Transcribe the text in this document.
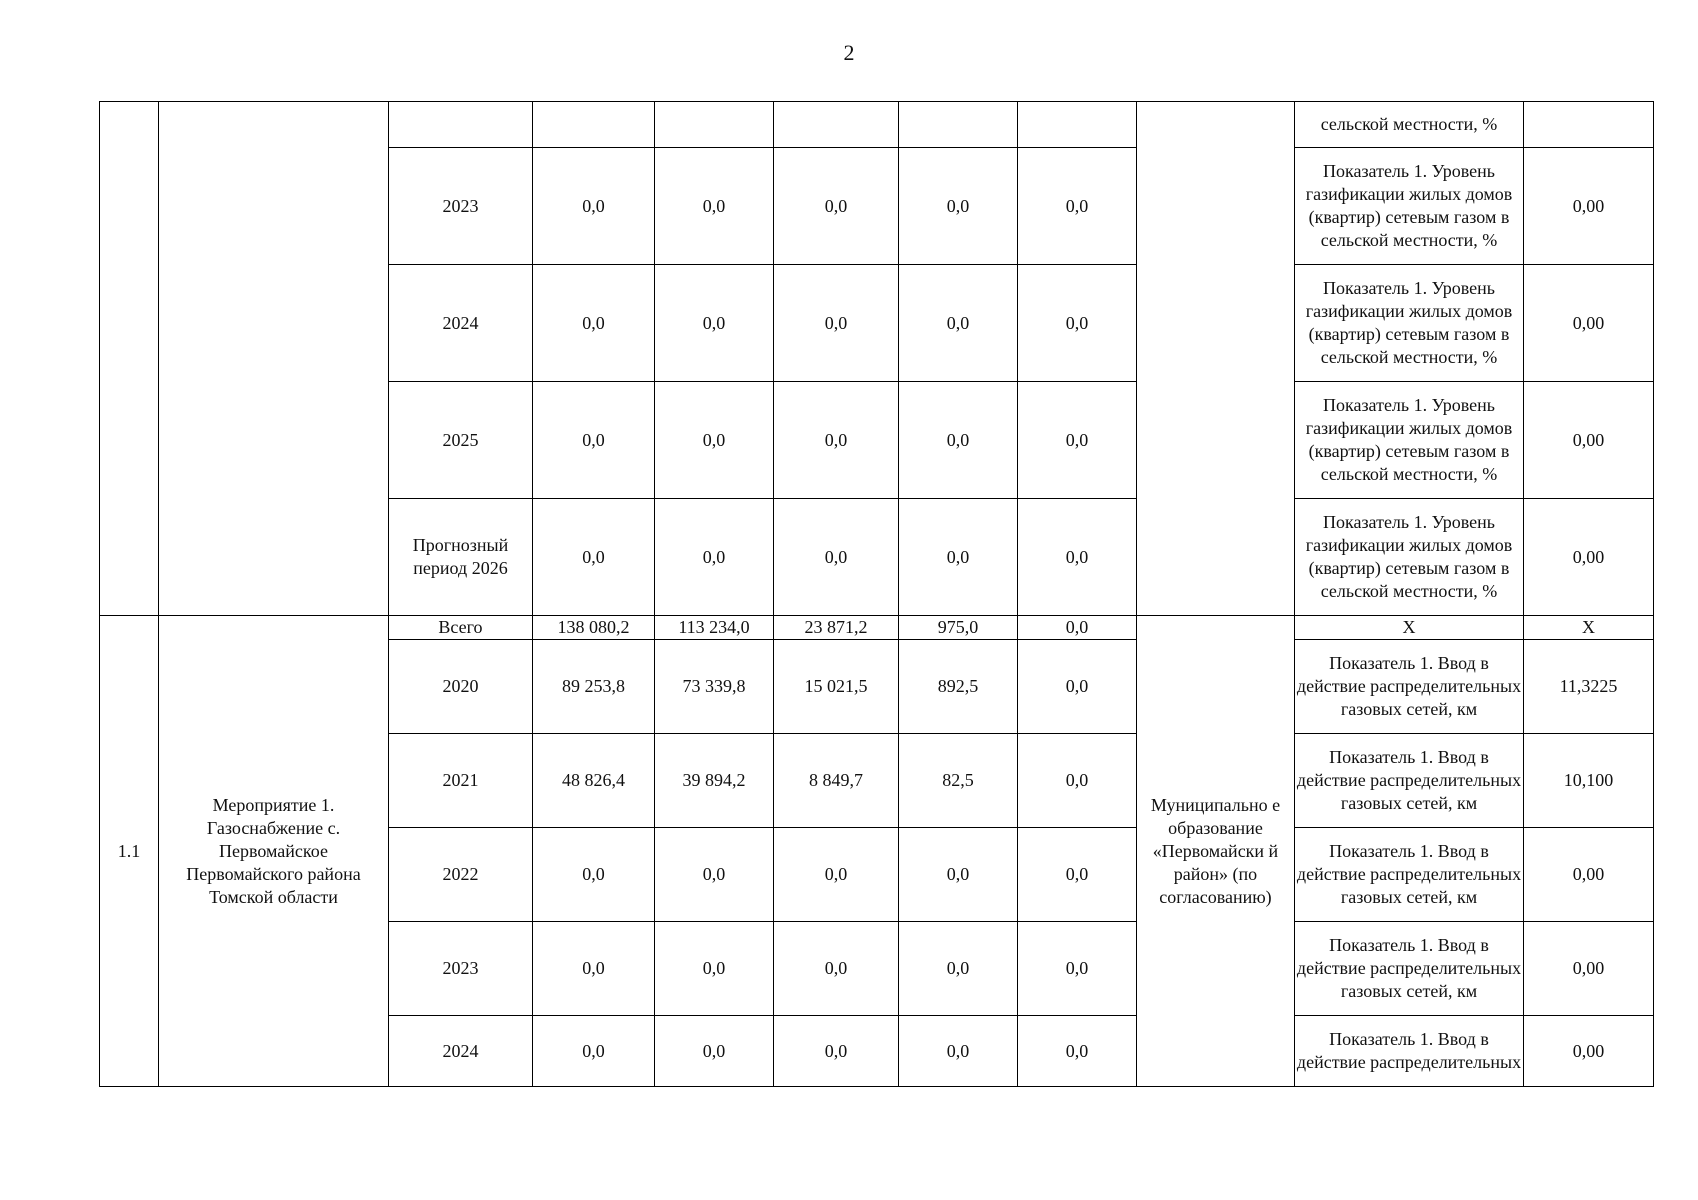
2
									сельской местности, %	
		2023	0,0	0,0	0,0	0,0	0,0		Показатель 1. Уровень газификации жилых домов (квартир) сетевым газом в сельской местности, %	0,00
		2024	0,0	0,0	0,0	0,0	0,0		Показатель 1. Уровень газификации жилых домов (квартир) сетевым газом в сельской местности, %	0,00
		2025	0,0	0,0	0,0	0,0	0,0		Показатель 1. Уровень газификации жилых домов (квартир) сетевым газом в сельской местности, %	0,00
		Прогнозный период 2026	0,0	0,0	0,0	0,0	0,0		Показатель 1. Уровень газификации жилых домов (квартир) сетевым газом в сельской местности, %	0,00
1.1	Мероприятие 1. Газоснабжение с. Первомайское Первомайского района Томской области	Всего	138 080,2	113 234,0	23 871,2	975,0	0,0	Муниципально е образование «Первомайски й район» (по согласованию)	X	X
		2020	89 253,8	73 339,8	15 021,5	892,5	0,0		Показатель 1. Ввод в действие распределительных газовых сетей, км	11,3225
		2021	48 826,4	39 894,2	8 849,7	82,5	0,0		Показатель 1. Ввод в действие распределительных газовых сетей, км	10,100
		2022	0,0	0,0	0,0	0,0	0,0		Показатель 1. Ввод в действие распределительных газовых сетей, км	0,00
		2023	0,0	0,0	0,0	0,0	0,0		Показатель 1. Ввод в действие распределительных газовых сетей, км	0,00
		2024	0,0	0,0	0,0	0,0	0,0		Показатель 1. Ввод в действие распределительных	0,00
